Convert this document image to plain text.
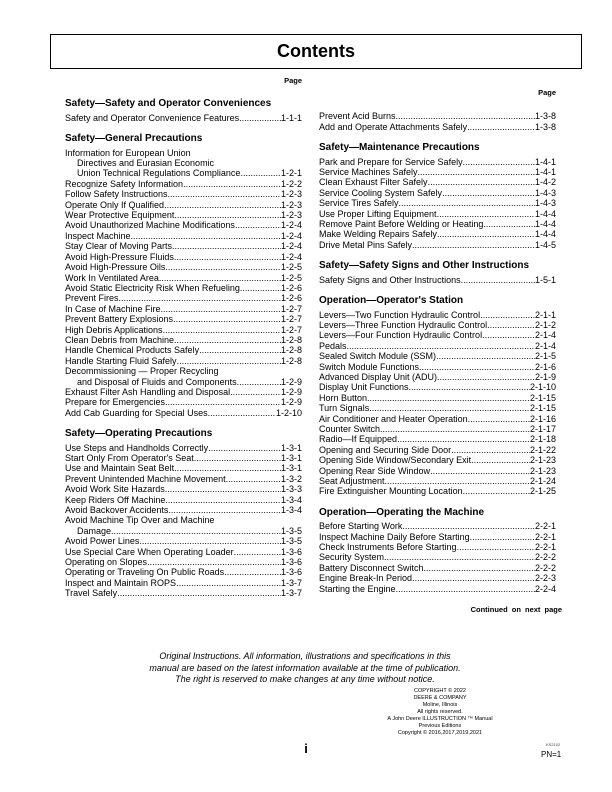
Contents
Page
Safety—Safety and Operator Conveniences
Safety and Operator Convenience Features .....	1-1-1
Safety—General Precautions
Information for European Union
Directives and Eurasian Economic
Union Technical Regulations Compliance .....	1-2-1
Recognize Safety Information .....	1-2-2
Follow Safety Instructions .....	1-2-3
Operate Only If Qualified .....	1-2-3
Wear Protective Equipment .....	1-2-3
Avoid Unauthorized Machine Modifications .....	1-2-4
Inspect Machine .....	1-2-4
Stay Clear of Moving Parts .....	1-2-4
Avoid High-Pressure Fluids .....	1-2-4
Avoid High-Pressure Oils .....	1-2-5
Work In Ventilated Area .....	1-2-5
Avoid Static Electricity Risk When Refueling .....	1-2-6
Prevent Fires .....	1-2-6
In Case of Machine Fire .....	1-2-7
Prevent Battery Explosions .....	1-2-7
High Debris Applications .....	1-2-7
Clean Debris from Machine .....	1-2-8
Handle Chemical Products Safely .....	1-2-8
Handle Starting Fluid Safely .....	1-2-8
Decommissioning — Proper Recycling
and Disposal of Fluids and Components .....	1-2-9
Exhaust Filter Ash Handling and Disposal .....	1-2-9
Prepare for Emergencies .....	1-2-9
Add Cab Guarding for Special Uses .....	1-2-10
Safety—Operating Precautions
Use Steps and Handholds Correctly .....	1-3-1
Start Only From Operator's Seat .....	1-3-1
Use and Maintain Seat Belt .....	1-3-1
Prevent Unintended Machine Movement .....	1-3-2
Avoid Work Site Hazards .....	1-3-3
Keep Riders Off Machine .....	1-3-4
Avoid Backover Accidents .....	1-3-4
Avoid Machine Tip Over and Machine
Damage .....	1-3-5
Avoid Power Lines .....	1-3-5
Use Special Care When Operating Loader .....	1-3-6
Operating on Slopes .....	1-3-6
Operating or Traveling On Public Roads .....	1-3-6
Inspect and Maintain ROPS .....	1-3-7
Travel Safely .....	1-3-7
Page
Prevent Acid Burns .....	1-3-8
Add and Operate Attachments Safely .....	1-3-8
Safety—Maintenance Precautions
Park and Prepare for Service Safely .....	1-4-1
Service Machines Safely .....	1-4-1
Clean Exhaust Filter Safely .....	1-4-2
Service Cooling System Safely .....	1-4-3
Service Tires Safely .....	1-4-3
Use Proper Lifting Equipment .....	1-4-4
Remove Paint Before Welding or Heating .....	1-4-4
Make Welding Repairs Safely .....	1-4-4
Drive Metal Pins Safely .....	1-4-5
Safety—Safety Signs and Other Instructions
Safety Signs and Other Instructions .....	1-5-1
Operation—Operator's Station
Levers—Two Function Hydraulic Control .....	2-1-1
Levers—Three Function Hydraulic Control .....	2-1-2
Levers—Four Function Hydraulic Control .....	2-1-4
Pedals .....	2-1-4
Sealed Switch Module (SSM) .....	2-1-5
Switch Module Functions .....	2-1-6
Advanced Display Unit (ADU) .....	2-1-9
Display Unit Functions .....	2-1-10
Horn Button .....	2-1-15
Turn Signals .....	2-1-15
Air Conditioner and Heater Operation .....	2-1-16
Counter Switch .....	2-1-17
Radio—If Equipped .....	2-1-18
Opening and Securing Side Door .....	2-1-22
Opening Side Window/Secondary Exit .....	2-1-23
Opening Rear Side Window .....	2-1-23
Seat Adjustment .....	2-1-24
Fire Extinguisher Mounting Location .....	2-1-25
Operation—Operating the Machine
Before Starting Work .....	2-2-1
Inspect Machine Daily Before Starting .....	2-2-1
Check Instruments Before Starting .....	2-2-1
Security System .....	2-2-2
Battery Disconnect Switch .....	2-2-2
Engine Break-In Period .....	2-2-3
Starting the Engine .....	2-2-4
Continued on next page
Original Instructions. All information, illustrations and specifications in this
manual are based on the latest information available at the time of publication.
The right is reserved to make changes at any time without notice.
COPYRIGHT © 2022
DEERE & COMPANY
Moline, Illinois
All rights reserved.
A John Deere ILLUSTRUCTION ™ Manual
Previous Editions
Copyright © 2016,2017,2019,2021
i	KS2102
PN=1
